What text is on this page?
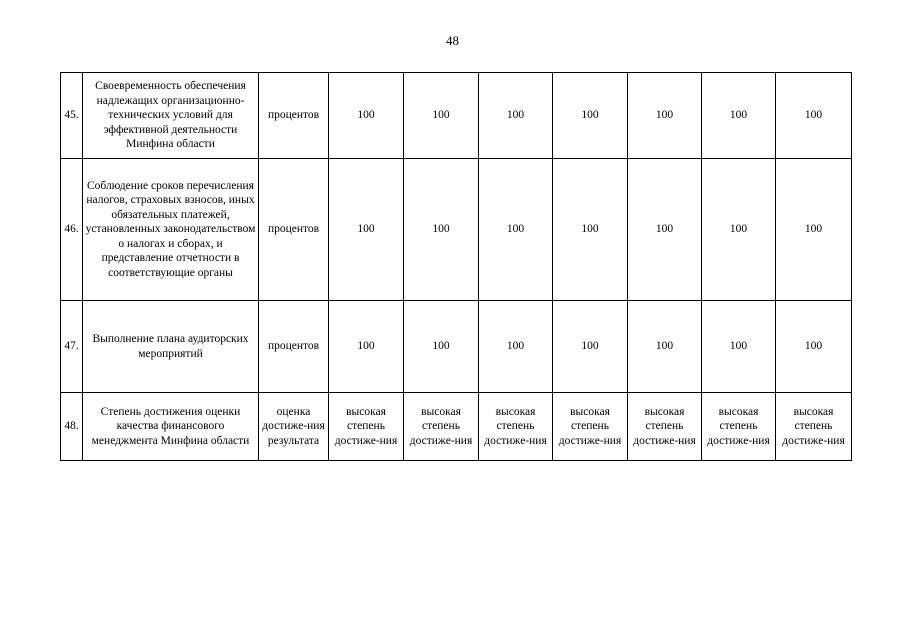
48
45.	Своевременность обеспечения надлежащих организационно-технических условий для эффективной деятельности Минфина области	процентов	100	100	100	100	100	100	100
46.	Соблюдение сроков перечисления налогов, страховых взносов, иных обязательных платежей, установленных законодательством о налогах и сборах, и представление отчетности в соответствующие органы	процентов	100	100	100	100	100	100	100
47.	Выполнение плана аудиторских мероприятий	процентов	100	100	100	100	100	100	100
48.	Степень достижения оценки качества финансового менеджмента Минфина области	оценка достиже-ния результата	высокая степень достиже-ния	высокая степень достиже-ния	высокая степень достиже-ния	высокая степень достиже-ния	высокая степень достиже-ния	высокая степень достиже-ния	высокая степень достиже-ния
